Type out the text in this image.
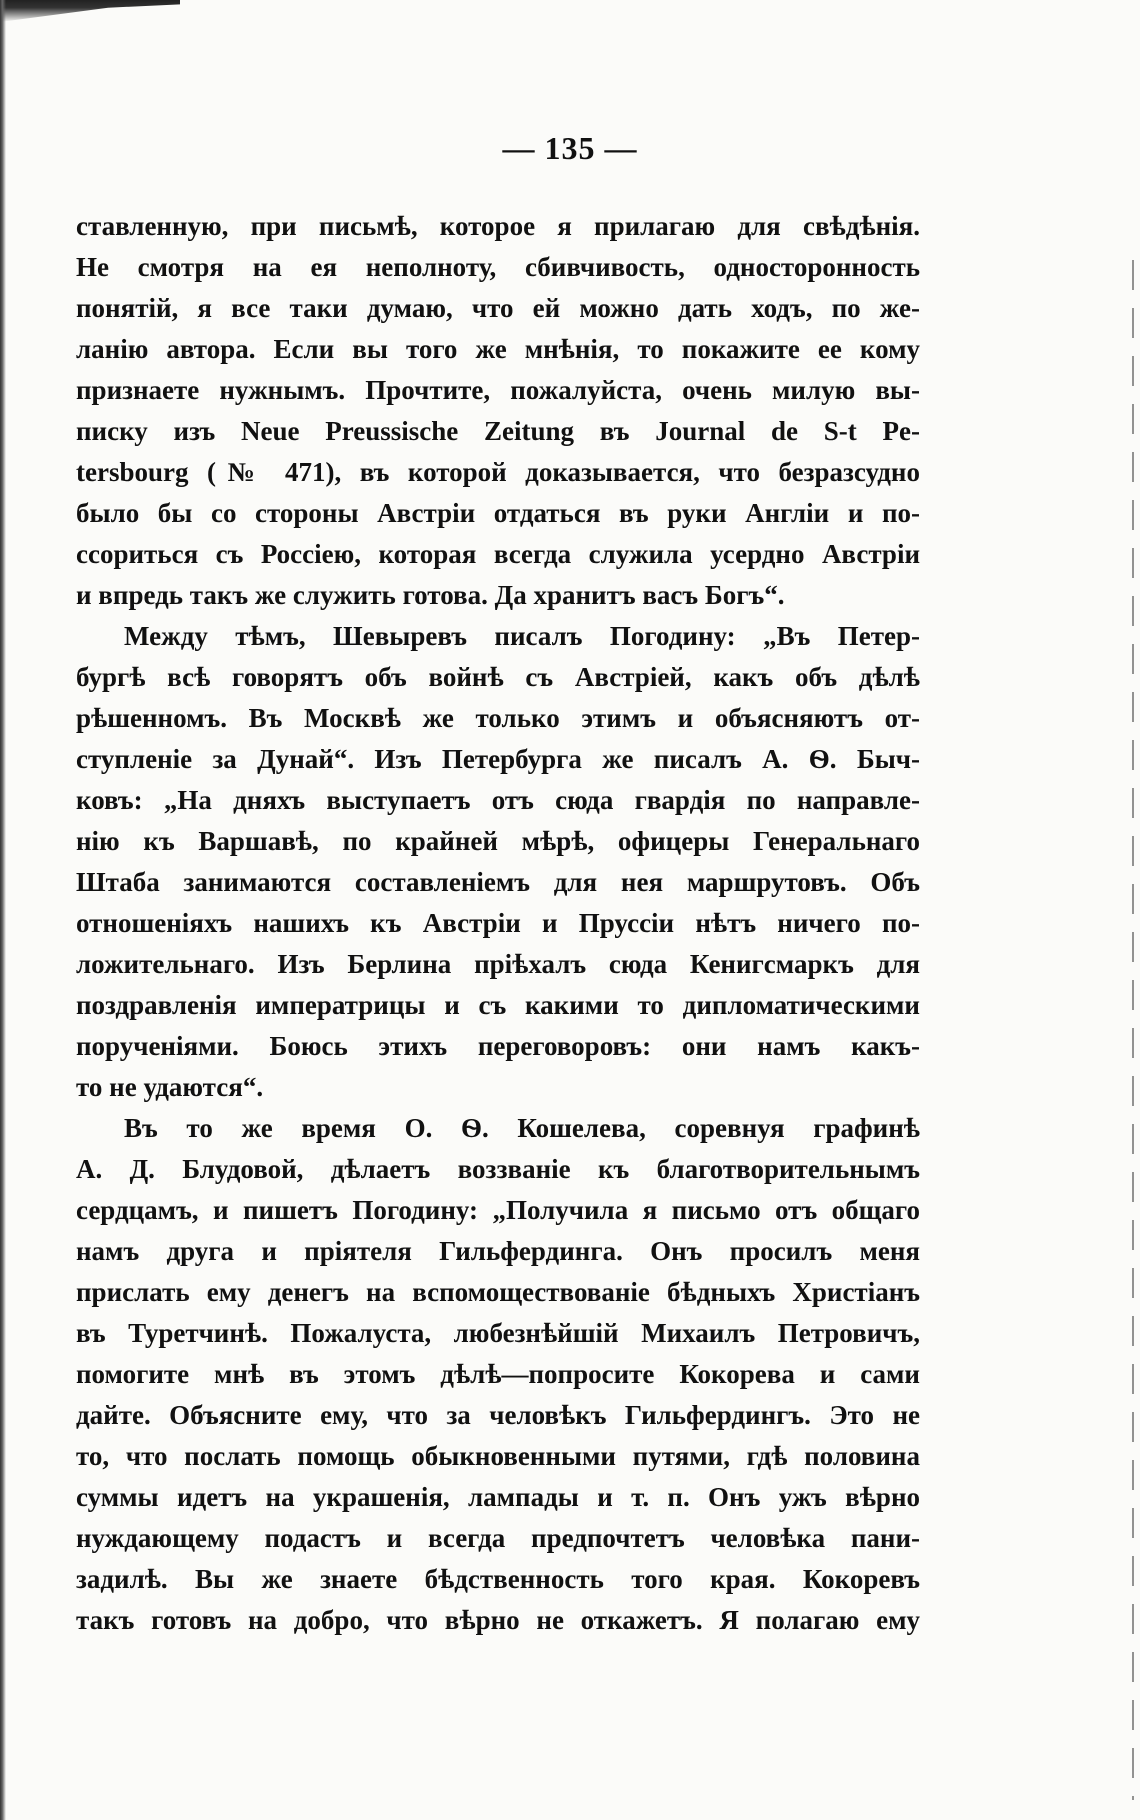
— 135 —
ставленную, при письмѣ, которое я прилагаю для свѣдѣнія.
Не смотря на ея неполноту, сбивчивость, односторонность
понятій, я все таки думаю, что ей можно дать ходъ, по же-
ланію автора. Если вы того же мнѣнія, то покажите ее кому
признаете нужнымъ. Прочтите, пожалуйста, очень милую вы-
писку изъ Neue Preussische Zeitung въ Journal de S-t Pe-
tersbourg (№ 471), въ которой доказывается, что безразсудно
было бы со стороны Австріи отдаться въ руки Англіи и по-
ссориться съ Россіею, которая всегда служила усердно Австріи
и впредь такъ же служить готова. Да хранитъ васъ Богъ“.
Между тѣмъ, Шевыревъ писалъ Погодину: „Въ Петер-
бургѣ всѣ говорятъ объ войнѣ съ Австріей, какъ объ дѣлѣ
рѣшенномъ. Въ Москвѣ же только этимъ и объясняютъ от-
ступленіе за Дунай“. Изъ Петербурга же писалъ А. Ѳ. Быч-
ковъ: „На дняхъ выступаетъ отъ сюда гвардія по направле-
нію къ Варшавѣ, по крайней мѣрѣ, офицеры Генеральнаго
Штаба занимаются составленіемъ для нея маршрутовъ. Объ
отношеніяхъ нашихъ къ Австріи и Пруссіи нѣтъ ничего по-
ложительнаго. Изъ Берлина пріѣхалъ сюда Кенигсмаркъ для
поздравленія императрицы и съ какими то дипломатическими
порученіями. Боюсь этихъ переговоровъ: они намъ какъ-
то не удаются“.
Въ то же время О. Ѳ. Кошелева, соревнуя графинѣ
А. Д. Блудовой, дѣлаетъ воззваніе къ благотворительнымъ
сердцамъ, и пишетъ Погодину: „Получила я письмо отъ общаго
намъ друга и пріятеля Гильфердинга. Онъ просилъ меня
прислать ему денегъ на вспомоществованіе бѣдныхъ Христіанъ
въ Туретчинѣ. Пожалуста, любезнѣйшій Михаилъ Петровичъ,
помогите мнѣ въ этомъ дѣлѣ—попросите Кокорева и сами
дайте. Объясните ему, что за человѣкъ Гильфердингъ. Это не
то, что послать помощь обыкновенными путями, гдѣ половина
суммы идетъ на украшенія, лампады и т. п. Онъ ужъ вѣрно
нуждающему подастъ и всегда предпочтетъ человѣка пани-
задилѣ. Вы же знаете бѣдственность того края. Кокоревъ
такъ готовъ на добро, что вѣрно не откажетъ. Я полагаю ему
